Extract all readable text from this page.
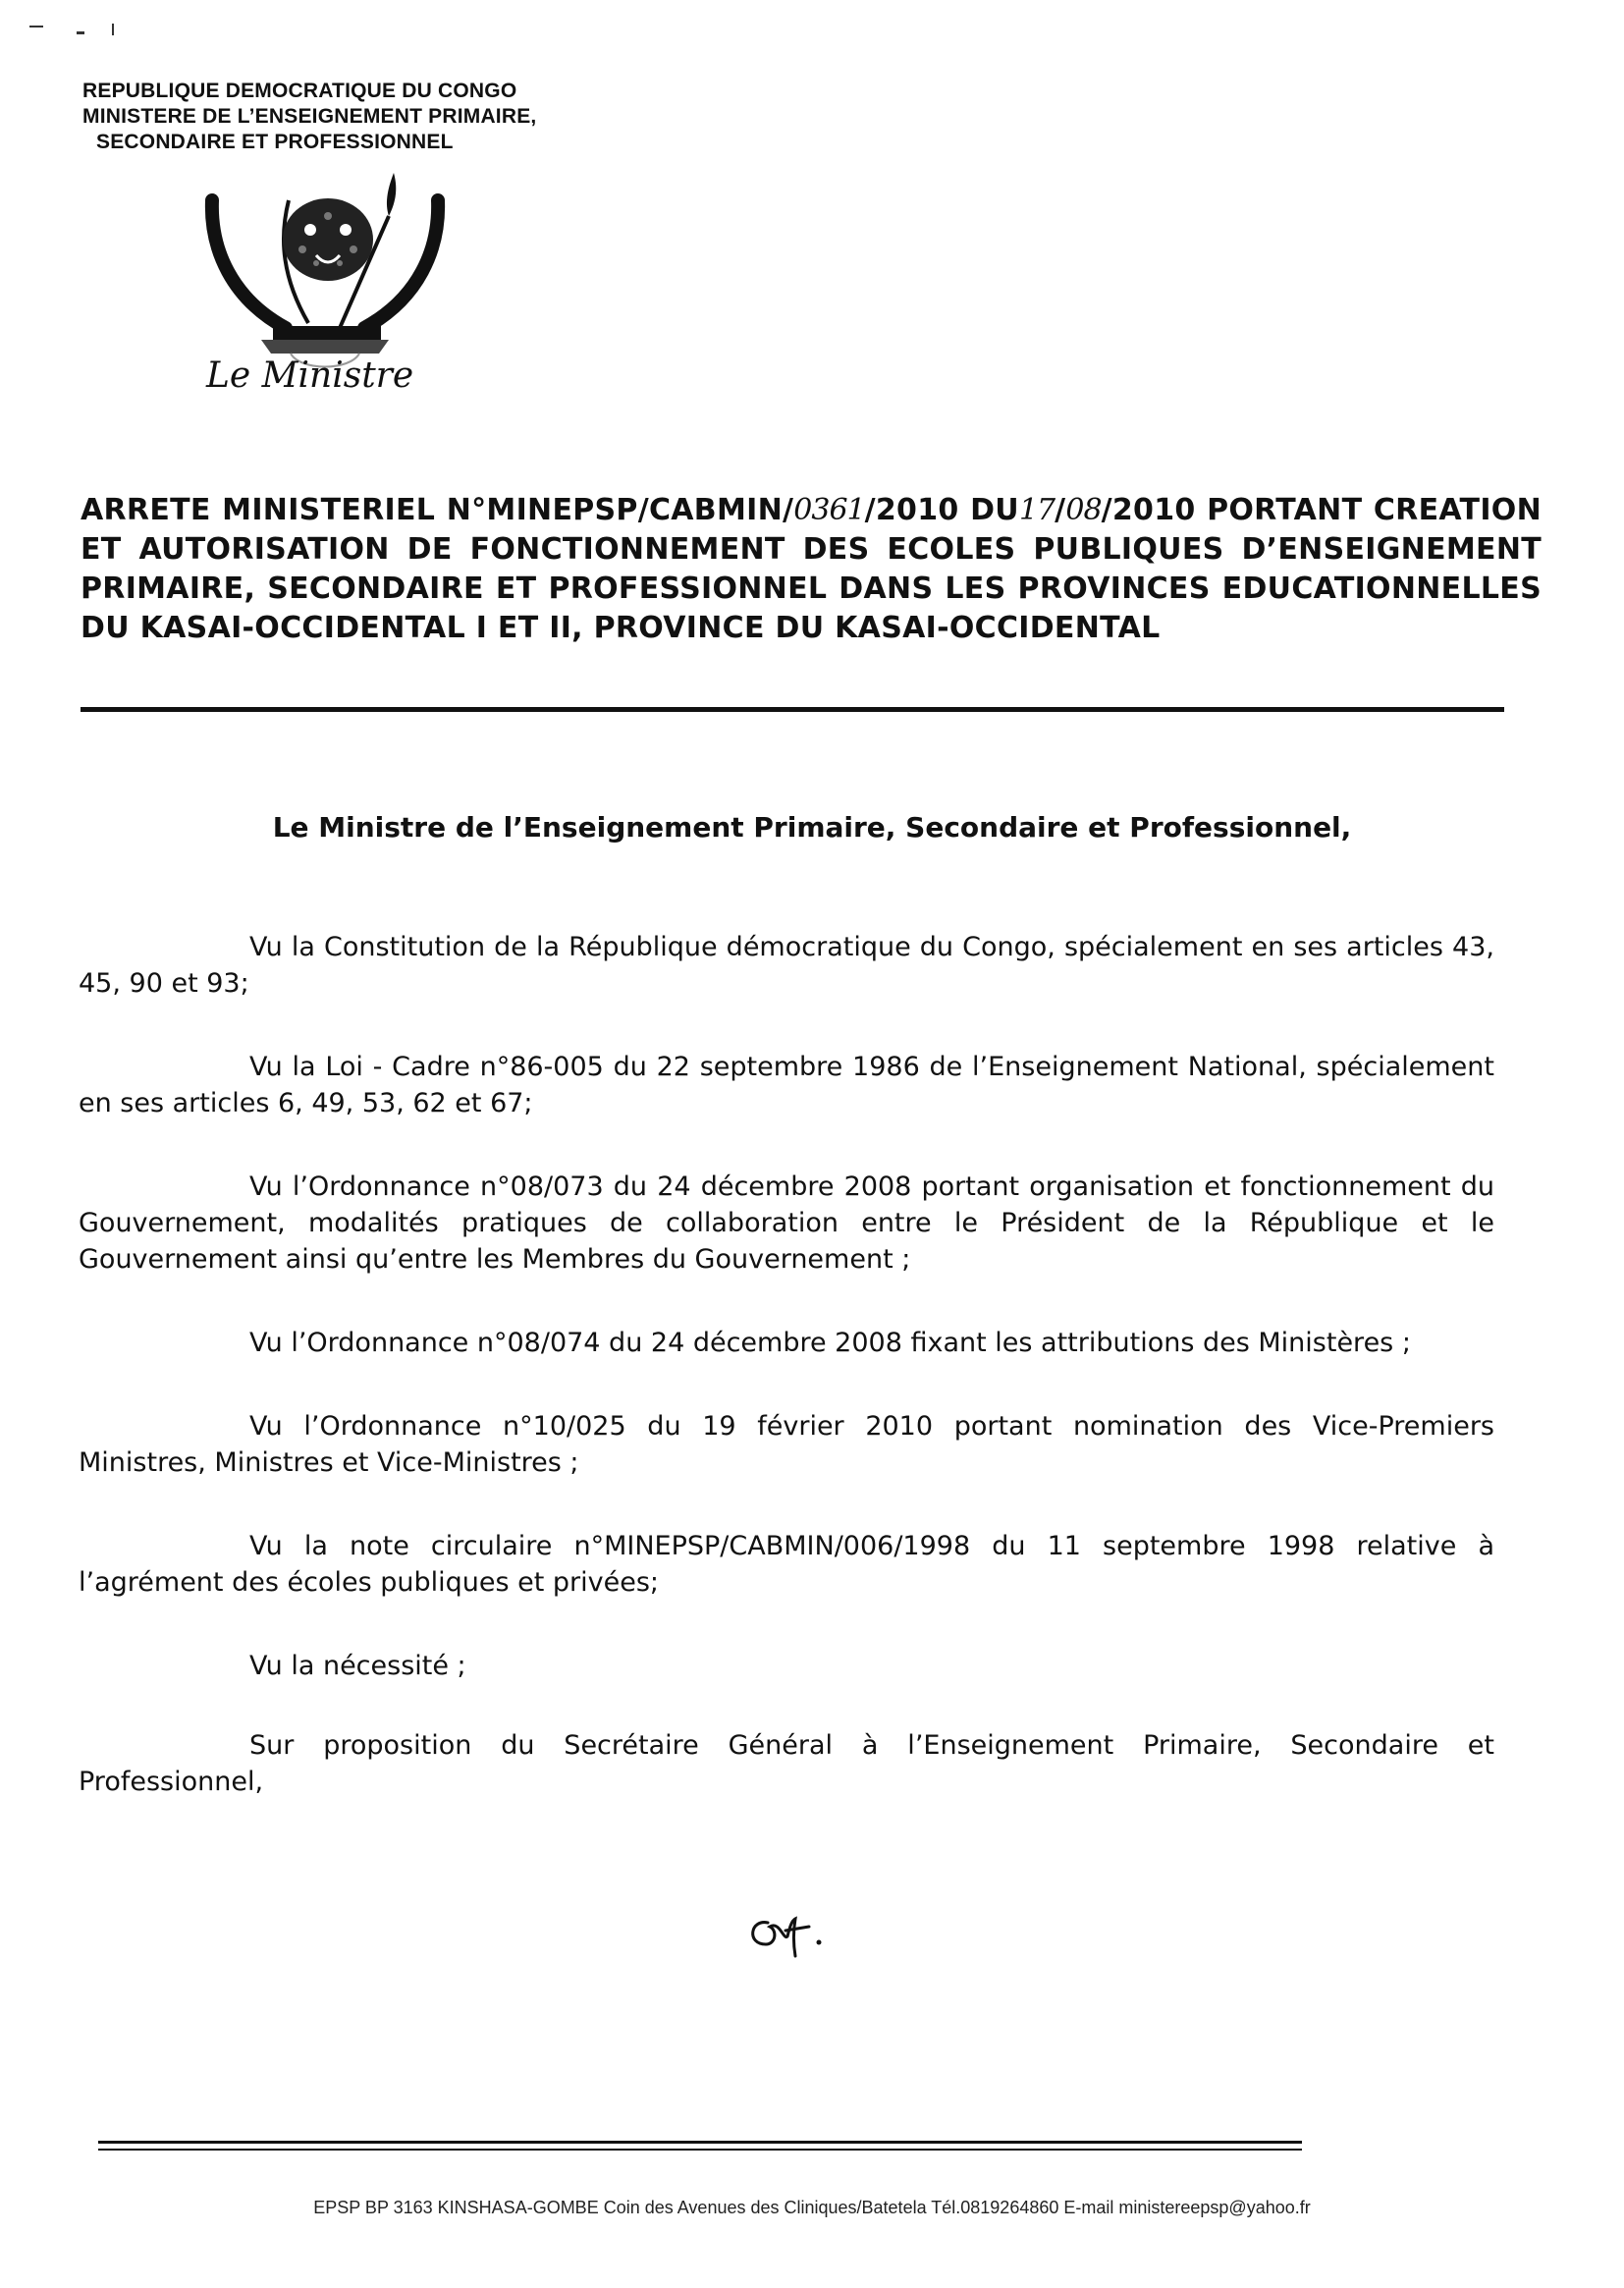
REPUBLIQUE DEMOCRATIQUE DU CONGO
MINISTERE DE L’ENSEIGNEMENT PRIMAIRE,
SECONDAIRE ET PROFESSIONNEL
Le Ministre
ARRETE MINISTERIEL N°MINEPSP/CABMIN/0361/2010 DU17/08/2010 PORTANT CREATION ET AUTORISATION DE FONCTIONNEMENT DES ECOLES PUBLIQUES D’ENSEIGNEMENT PRIMAIRE, SECONDAIRE ET PROFESSIONNEL DANS LES PROVINCES EDUCATIONNELLES DU KASAI-OCCIDENTAL I ET II, PROVINCE DU KASAI-OCCIDENTAL
Le Ministre de l’Enseignement Primaire, Secondaire et Professionnel,

Vu la Constitution de la République démocratique du Congo, spécialement en ses articles 43, 45, 90 et 93;

Vu la Loi - Cadre n°86-005 du 22 septembre 1986 de l’Enseignement National, spécialement en ses articles 6, 49, 53, 62 et 67;

Vu l’Ordonnance n°08/073 du 24 décembre 2008 portant organisation et fonctionnement du Gouvernement, modalités pratiques de collaboration entre le Président de la République et le Gouvernement ainsi qu’entre les Membres du Gouvernement ;

Vu l’Ordonnance n°08/074 du 24 décembre 2008 fixant les attributions des Ministères ;

Vu l’Ordonnance n°10/025 du 19 février 2010 portant nomination des Vice-Premiers Ministres, Ministres et Vice-Ministres ;

Vu la note circulaire n°MINEPSP/CABMIN/006/1998 du 11 septembre 1998 relative à l’agrément des écoles publiques et privées;

Vu la nécessité ;

Sur proposition du Secrétaire Général à l’Enseignement Primaire, Secondaire et Professionnel,

EPSP BP 3163 KINSHASA-GOMBE Coin des Avenues des Cliniques/Batetela Tél.0819264860 E-mail ministereepsp@yahoo.fr
